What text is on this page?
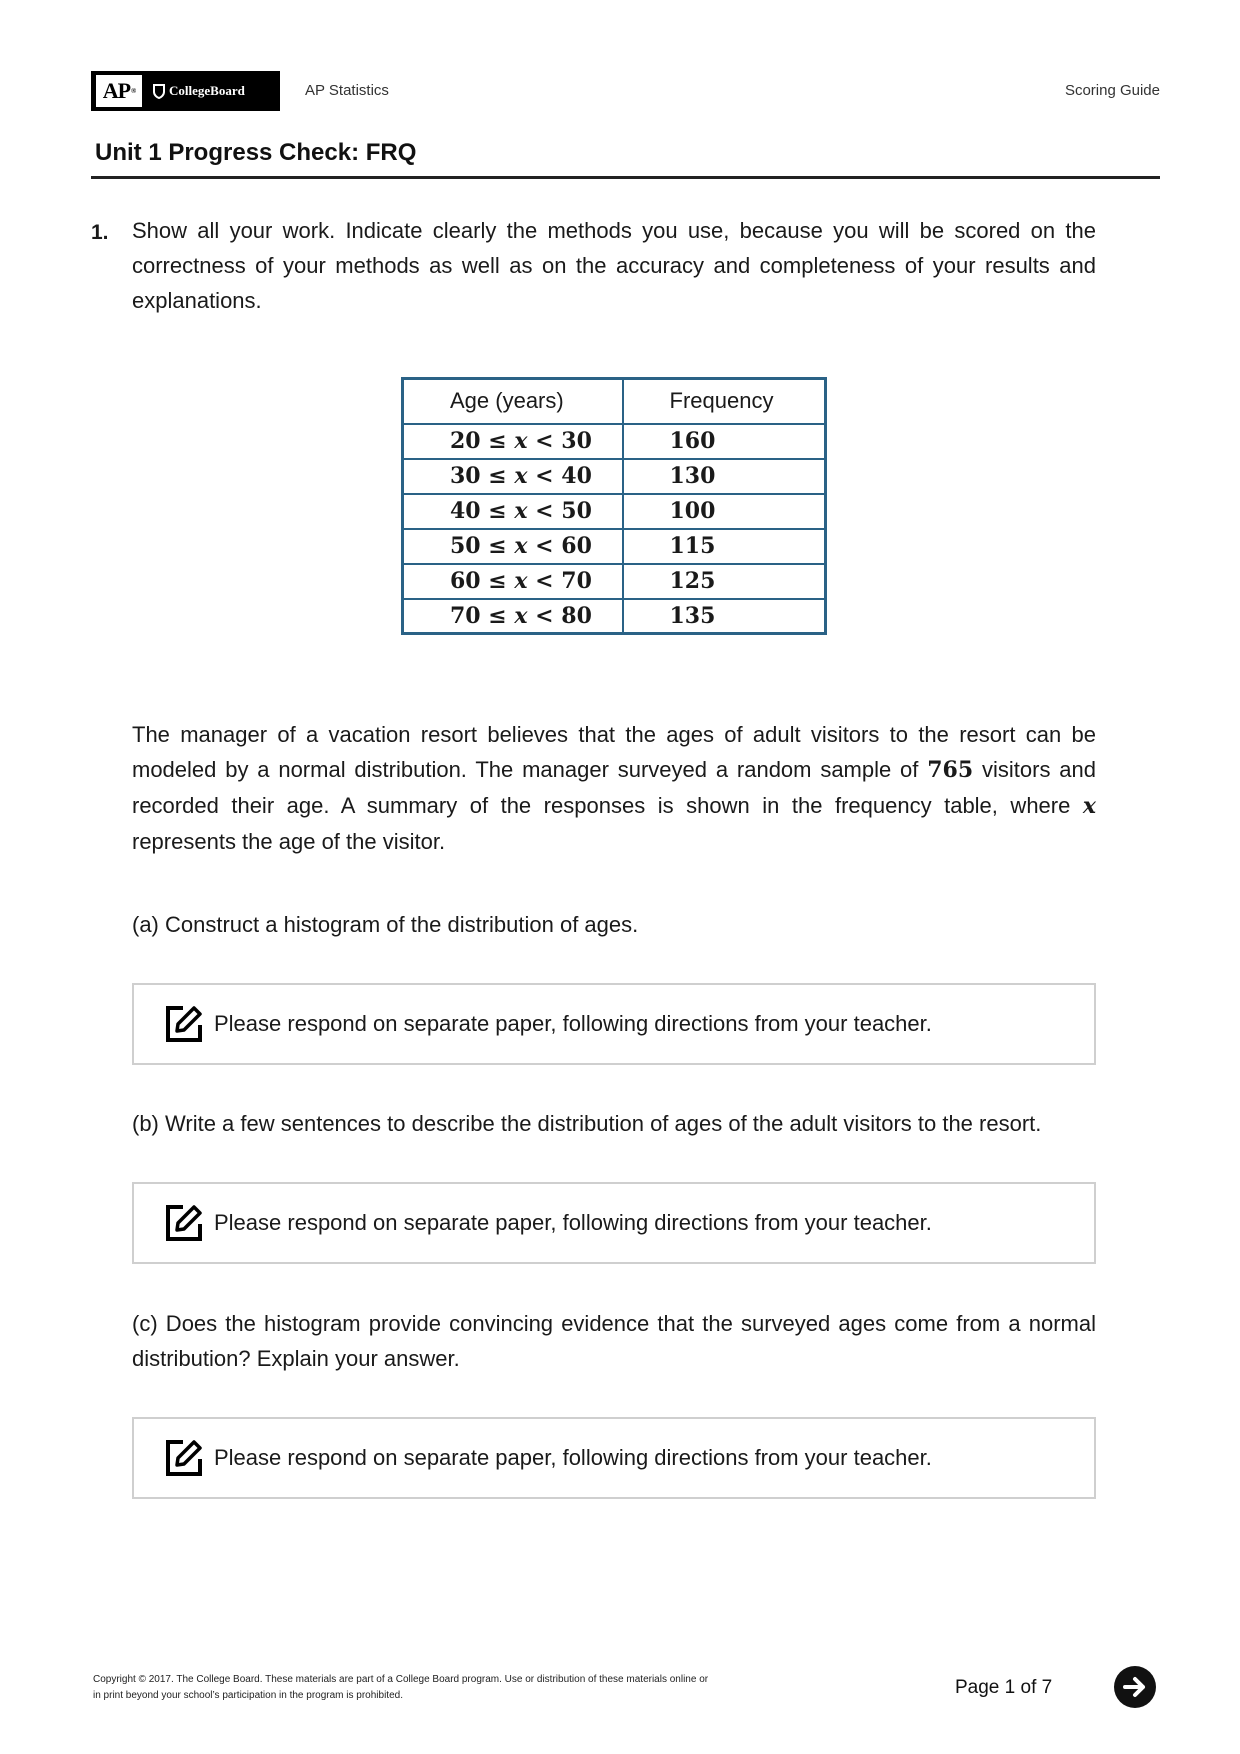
AP ®	CollegeBoard	AP Statistics	Scoring Guide
Unit 1 Progress Check: FRQ
1. Show all your work. Indicate clearly the methods you use, because you will be scored on the correctness of your methods as well as on the accuracy and completeness of your results and explanations.
Age (years)	Frequency
20 ≤ x < 30	160
30 ≤ x < 40	130
40 ≤ x < 50	100
50 ≤ x < 60	115
60 ≤ x < 70	125
70 ≤ x < 80	135
The manager of a vacation resort believes that the ages of adult visitors to the resort can be modeled by a normal distribution. The manager surveyed a random sample of 765 visitors and recorded their age. A summary of the responses is shown in the frequency table, where x represents the age of the visitor.
(a) Construct a histogram of the distribution of ages.
Please respond on separate paper, following directions from your teacher.
(b) Write a few sentences to describe the distribution of ages of the adult visitors to the resort.
Please respond on separate paper, following directions from your teacher.
(c) Does the histogram provide convincing evidence that the surveyed ages come from a normal distribution? Explain your answer.
Please respond on separate paper, following directions from your teacher.
Copyright © 2017. The College Board. These materials are part of a College Board program. Use or distribution of these materials online or
in print beyond your school’s participation in the program is prohibited.	Page 1 of 7
